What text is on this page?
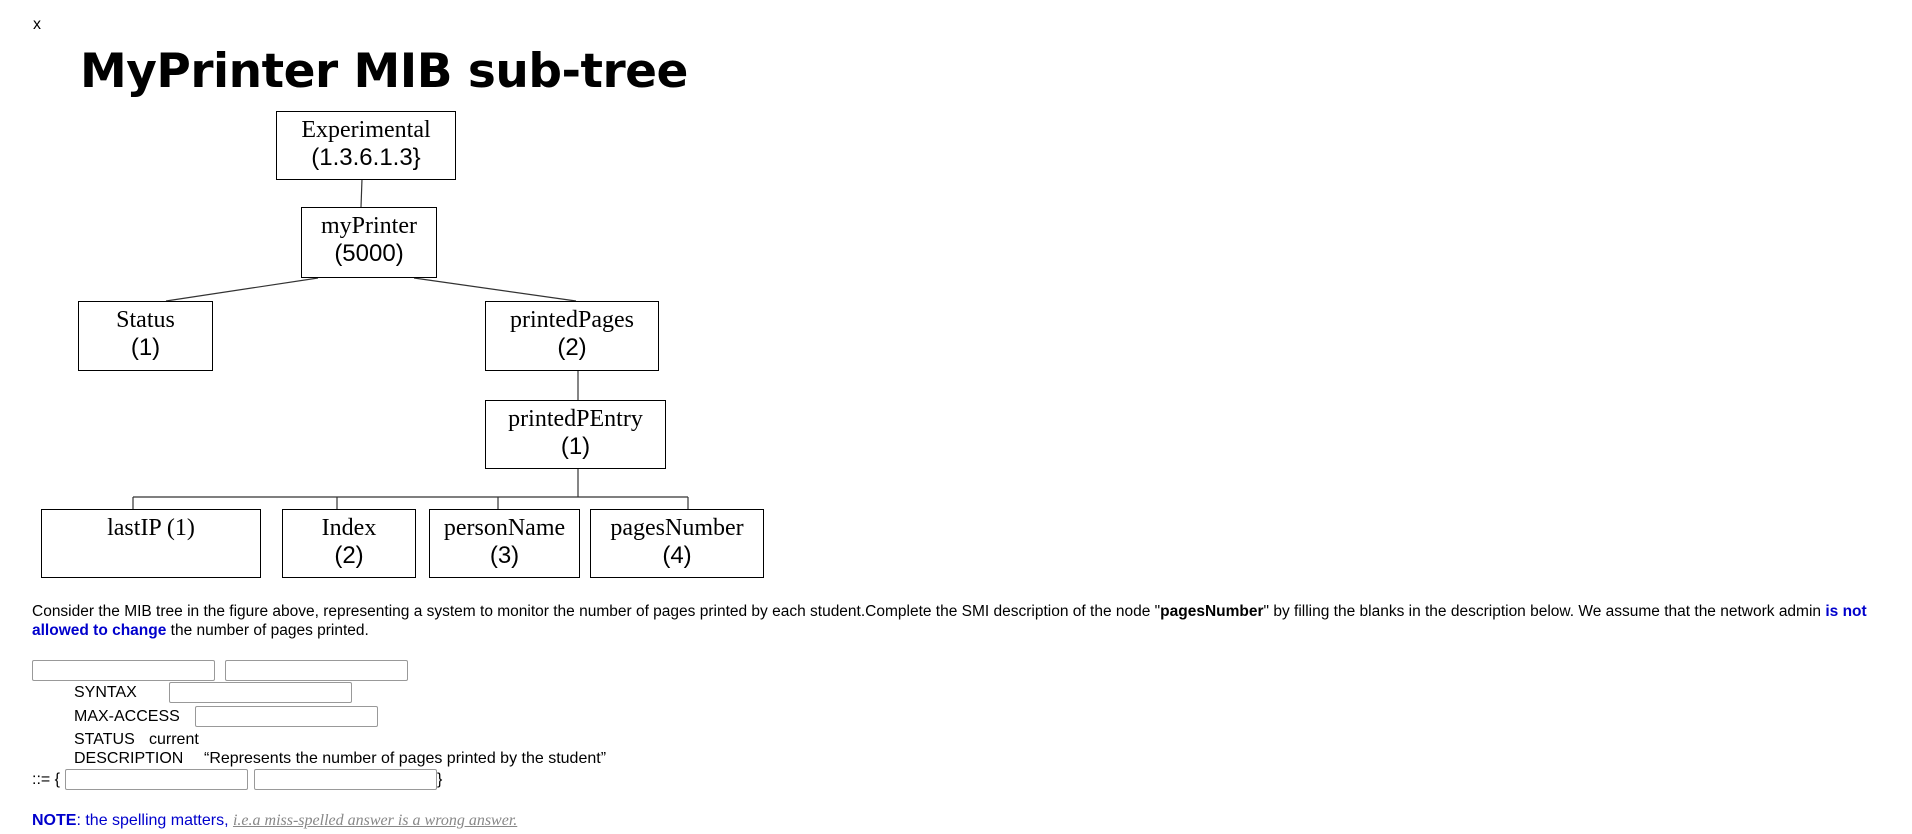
x
MyPrinter MIB sub-tree
Experimental
(1.3.6.1.3}
myPrinter
(5000)
Status
(1)
printedPages
(2)
printedPEntry
(1)
lastIP (1)	Index
(2)
personName
(3)
pagesNumber
(4)
Consider the MIB tree in the figure above, representing a system to monitor the number of pages printed by each student.Complete the SMI description of the node "pagesNumber" by filling the blanks in the description below. We assume that the network admin is not allowed to change the number of pages printed.
SYNTAX
MAX-ACCESS
STATUS current
DESCRIPTION “Represents the number of pages printed by the student”
::= {	}
NOTE: the spelling matters, i.e.a miss-spelled answer is a wrong answer.
